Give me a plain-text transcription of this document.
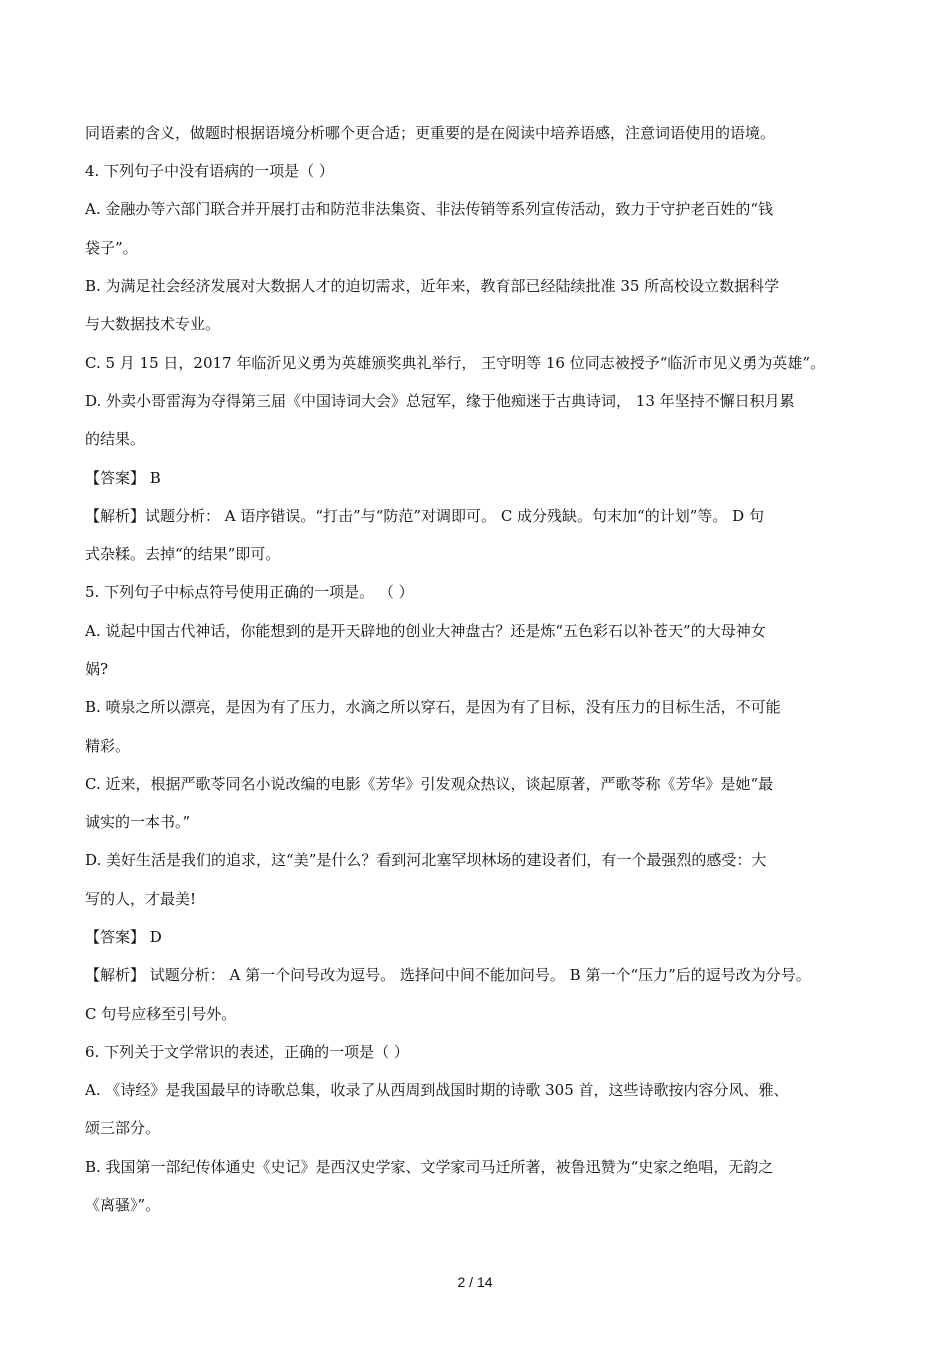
同语素的含义，做题时根据语境分析哪个更合适；更重要的是在阅读中培养语感，注意词语使用的语境。
4. 下列句子中没有语病的一项是（ ）
A. 金融办等六部门联合并开展打击和防范非法集资、非法传销等系列宣传活动，致力于守护老百姓的“钱
袋子”。
B. 为满足社会经济发展对大数据人才的迫切需求，近年来，教育部已经陆续批准 35 所高校设立数据科学
与大数据技术专业。
C. 5 月 15 日，2017 年临沂见义勇为英雄颁奖典礼举行， 王守明等 16 位同志被授予“临沂市见义勇为英雄”。
D. 外卖小哥雷海为夺得第三届《中国诗词大会》总冠军，缘于他痴迷于古典诗词， 13 年坚持不懈日积月累
的结果。
【答案】 B
【解析】试题分析： A 语序错误。“打击”与“防范”对调即可。 C 成分残缺。句末加“的计划”等。 D 句
式杂糅。去掉“的结果”即可。
5. 下列句子中标点符号使用正确的一项是。 （ ）
A. 说起中国古代神话，你能想到的是开天辟地的创业大神盘古？还是炼“五色彩石以补苍天”的大母神女
娲?
B. 喷泉之所以漂亮，是因为有了压力，水滴之所以穿石，是因为有了目标，没有压力的目标生活，不可能
精彩。
C. 近来，根据严歌苓同名小说改编的电影《芳华》引发观众热议，谈起原著，严歌苓称《芳华》是她“最
诚实的一本书。”
D. 美好生活是我们的追求，这“美”是什么？看到河北塞罕坝林场的建设者们，有一个最强烈的感受：大
写的人，才最美!
【答案】 D
【解析】 试题分析： A 第一个问号改为逗号。 选择问中间不能加问号。 B 第一个“压力”后的逗号改为分号。
C 句号应移至引号外。
6. 下列关于文学常识的表述，正确的一项是（ ）
A. 《诗经》是我国最早的诗歌总集，收录了从西周到战国时期的诗歌 305 首，这些诗歌按内容分风、雅、
颂三部分。
B. 我国第一部纪传体通史《史记》是西汉史学家、文学家司马迁所著，被鲁迅赞为“史家之绝唱，无韵之
《离骚》”。
2 / 14
